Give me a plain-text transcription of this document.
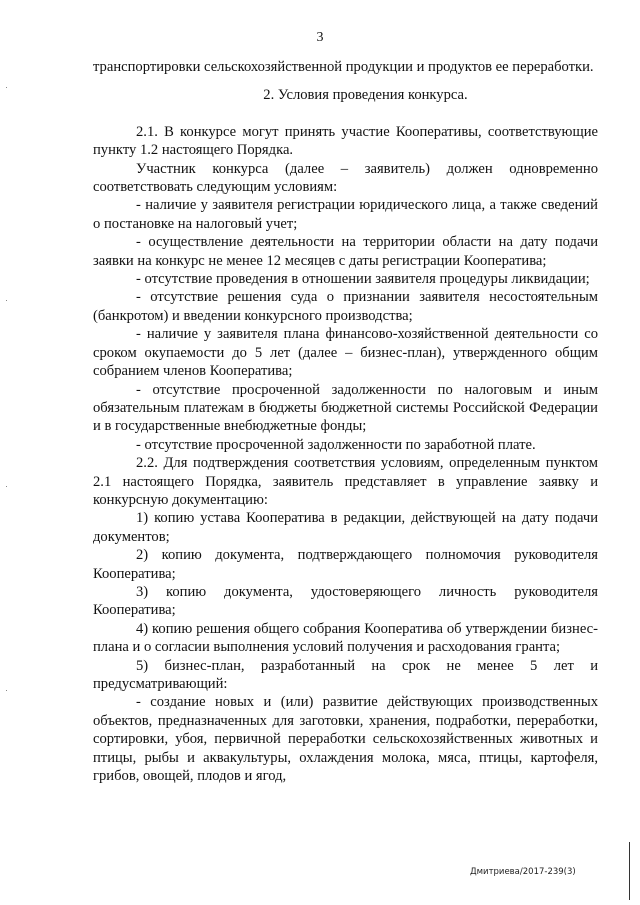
3

транспортировки сельскохозяйственной продукции и продуктов ее переработки.

2. Условия проведения конкурса.

2.1. В конкурсе могут принять участие Кооперативы, соответствующие пункту 1.2 настоящего Порядка.

Участник конкурса (далее – заявитель) должен одновременно соответствовать следующим условиям:

- наличие у заявителя регистрации юридического лица, а также сведений о постановке на налоговый учет;

- осуществление деятельности на территории области на дату подачи заявки на конкурс не менее 12 месяцев с даты регистрации Кооператива;

- отсутствие проведения в отношении заявителя процедуры ликвидации;

- отсутствие решения суда о признании заявителя несостоятельным (банкротом) и введении конкурсного производства;

- наличие у заявителя плана финансово-хозяйственной деятельности со сроком окупаемости до 5 лет (далее – бизнес-план), утвержденного общим собранием членов Кооператива;

- отсутствие просроченной задолженности по налоговым и иным обязательным платежам в бюджеты бюджетной системы Российской Федерации и в государственные внебюджетные фонды;

- отсутствие просроченной задолженности по заработной плате.

2.2. Для подтверждения соответствия условиям, определенным пунктом 2.1 настоящего Порядка, заявитель представляет в управление заявку и конкурсную документацию:

1) копию устава Кооператива в редакции, действующей на дату подачи документов;

2) копию документа, подтверждающего полномочия руководителя Кооператива;

3) копию документа, удостоверяющего личность руководителя Кооператива;

4) копию решения общего собрания Кооператива об утверждении бизнес-плана и о согласии выполнения условий получения и расходования гранта;

5) бизнес-план, разработанный на срок не менее 5 лет и предусматривающий:

- создание новых и (или) развитие действующих производственных объектов, предназначенных для заготовки, хранения, подработки, переработки, сортировки, убоя, первичной переработки сельскохозяйственных животных и птицы, рыбы и аквакультуры, охлаждения молока, мяса, птицы, картофеля, грибов, овощей, плодов и ягод,

Дмитриева/2017-239(3)
